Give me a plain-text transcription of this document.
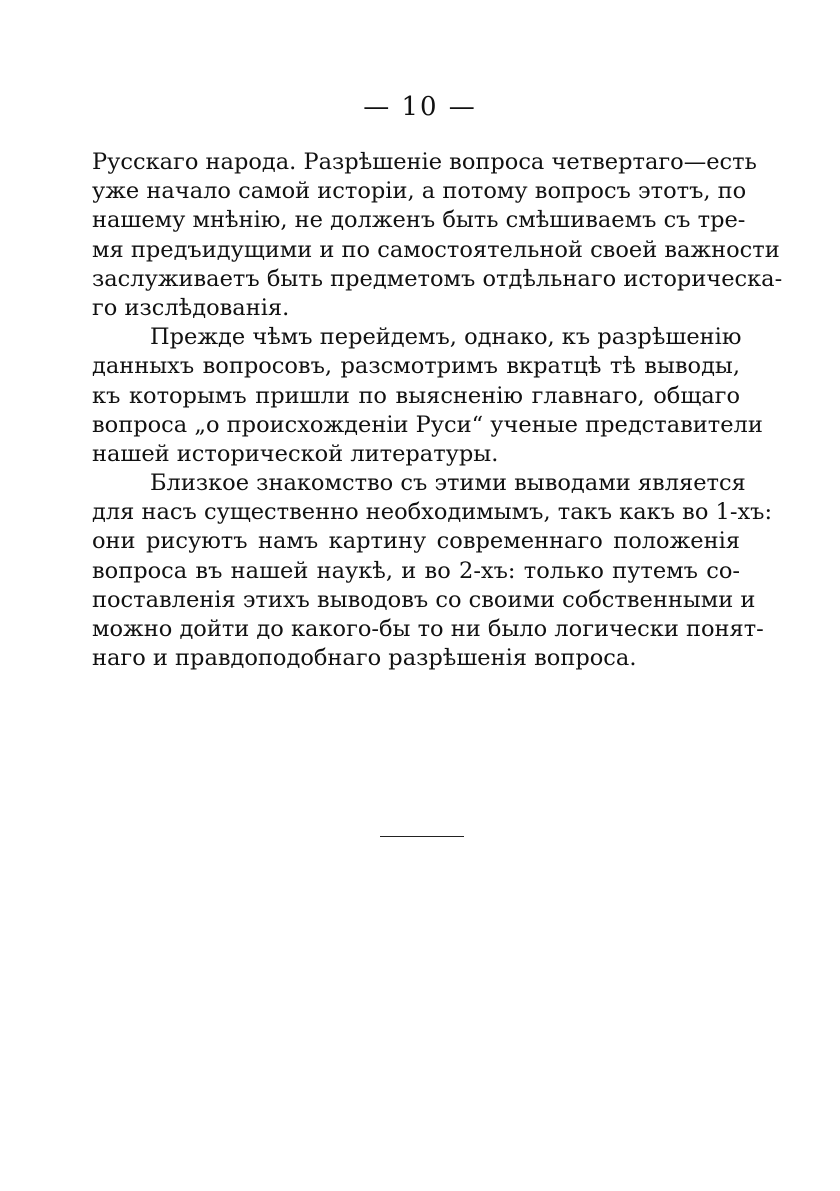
— 10 —
Русскаго народа. Разрѣшеніе вопроса четвертаго—есть
уже начало самой исторіи, а потому вопросъ этотъ, по
нашему мнѣнію, не долженъ быть смѣшиваемъ съ тре-
мя предъидущими и по самостоятельной своей важности
заслуживаетъ быть предметомъ отдѣльнаго историческа-
го изслѣдованія.
Прежде чѣмъ перейдемъ, однако, къ разрѣшенію
данныхъ вопросовъ, разсмотримъ вкратцѣ тѣ выводы,
къ которымъ пришли по выясненію главнаго, общаго
вопроса „о происхожденіи Руси“ ученые представители
нашей исторической литературы.
Близкое знакомство съ этими выводами является
для насъ существенно необходимымъ, такъ какъ во 1-хъ:
они рисуютъ намъ картину современнаго положенія
вопроса въ нашей наукѣ, и во 2-хъ: только путемъ со-
поставленія этихъ выводовъ со своими собственными и
можно дойти до какого-бы то ни было логически понят-
наго и правдоподобнаго разрѣшенія вопроса.
